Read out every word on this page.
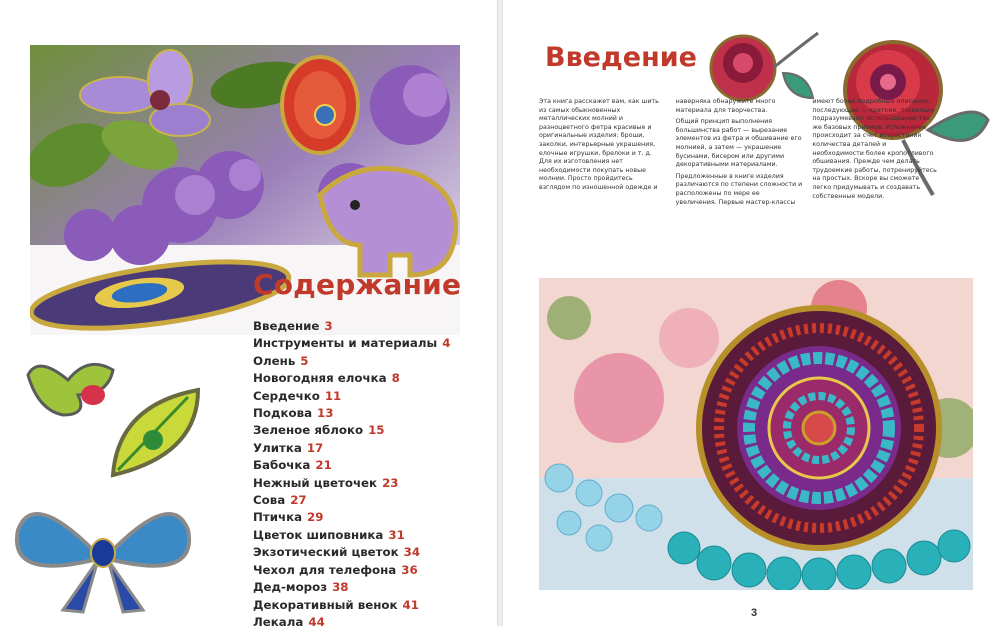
Содержание
Введение 3
Инструменты и материалы 4
Олень 5
Новогодняя елочка 8
Сердечко 11
Подкова 13
Зеленое яблоко 15
Улитка 17
Бабочка 21
Нежный цветочек 23
Сова 27
Птичка 29
Цветок шиповника 31
Экзотический цветок 34
Чехол для телефона 36
Дед-мороз 38
Декоративный венок 41
Лекала 44
Введение

Эта книга расскажет вам, как шить из самых обыкновенных металлических молний и разноцветного фетра красивые и оригинальные изделия: броши, заколки, интерьерные украшения, елочные игрушки, брелоки и т. д. Для их изготовления нет необходимости покупать новые молнии. Просто пройдитесь взглядом по изношенной одежде и наверняка обнаружите много материала для творчества.

Общий принцип выполнения большинства работ — вырезание элементов из фетра и обшивание его молнией, а затем — украшение бусинами, бисером или другими декоративными материалами.

Предложенные в книге изделия различаются по степени сложности и расположены по мере ее увеличения. Первые мастер-классы имеют более подробные описания, последующие — краткие, поскольку подразумевают использование тех же базовых приемов. Усложнение происходит за счет возрастания количества деталей и необходимости более кропотливого обшивания. Прежде чем делать трудоемкие работы, потренируйтесь на простых. Вскоре вы сможете легко придумывать и создавать собственные модели.

3
